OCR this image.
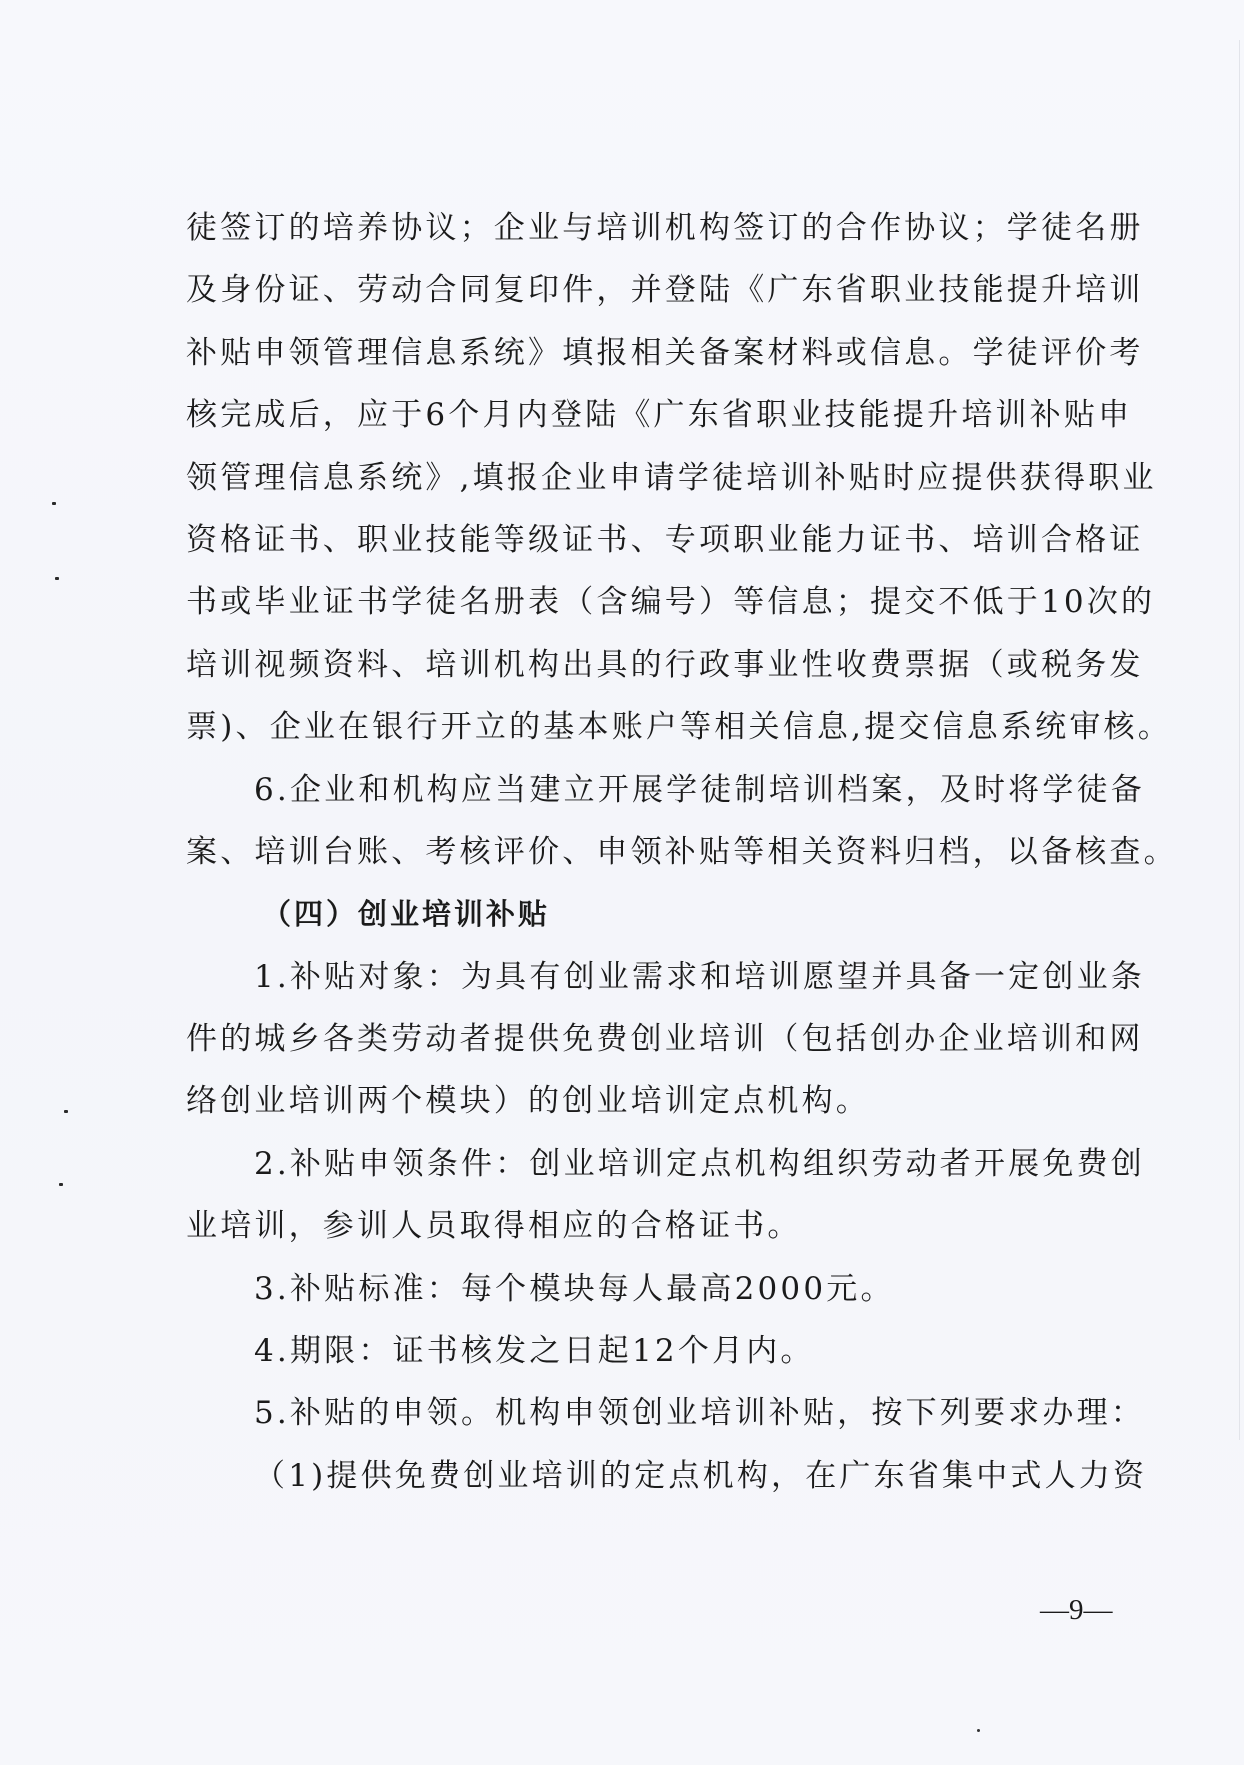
徒签订的培养协议；企业与培训机构签订的合作协议；学徒名册
及身份证、劳动合同复印件，并登陆《广东省职业技能提升培训
补贴申领管理信息系统》填报相关备案材料或信息。学徒评价考
核完成后，应于6个月内登陆《广东省职业技能提升培训补贴申
领管理信息系统》,填报企业申请学徒培训补贴时应提供获得职业
资格证书、职业技能等级证书、专项职业能力证书、培训合格证
书或毕业证书学徒名册表（含编号）等信息；提交不低于10次的
培训视频资料、培训机构出具的行政事业性收费票据（或税务发
票)、企业在银行开立的基本账户等相关信息,提交信息系统审核。
6.企业和机构应当建立开展学徒制培训档案，及时将学徒备
案、培训台账、考核评价、申领补贴等相关资料归档，以备核查。
（四）创业培训补贴
1.补贴对象：为具有创业需求和培训愿望并具备一定创业条
件的城乡各类劳动者提供免费创业培训（包括创办企业培训和网
络创业培训两个模块）的创业培训定点机构。
2.补贴申领条件：创业培训定点机构组织劳动者开展免费创
业培训，参训人员取得相应的合格证书。
3.补贴标准：每个模块每人最高2000元。
4.期限：证书核发之日起12个月内。
5.补贴的申领。机构申领创业培训补贴，按下列要求办理：
（1)提供免费创业培训的定点机构，在广东省集中式人力资
—9—
